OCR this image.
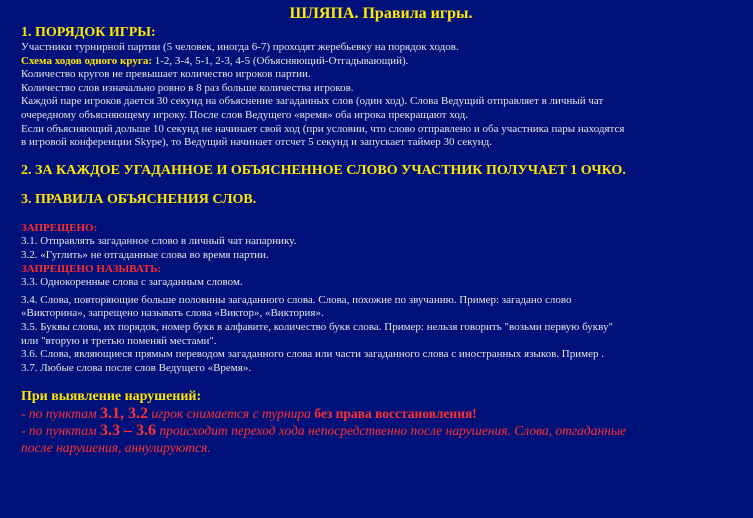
ШЛЯПА. Правила игры.

1. ПОРЯДОК ИГРЫ:

Участники турнирной партии (5 человек, иногда 6-7) проходят жеребьевку на порядок ходов.

Схема ходов одного круга: 1-2, 3-4, 5-1, 2-3, 4-5 (Объясняющий-Отгадывающий).

Количество кругов не превышает количество игроков партии.

Количество слов изначально ровно в 8 раз больше количества игроков.

Каждой паре игроков дается 30 секунд на объяснение загаданных слов (один ход). Слова Ведущий отправляет в личный чат

очередному объясняющему игроку. После слов Ведущего «время» оба игрока прекращают ход.

Если объясняющий дольше 10 секунд не начинает свой ход (при условии, что слово отправлено и оба участника пары находятся

в игровой конференции Skype), то Ведущий начинает отсчет 5 секунд и запускает таймер 30 секунд.

2. ЗА КАЖДОЕ УГАДАННОЕ И ОБЪЯСНЕННОЕ СЛОВО УЧАСТНИК ПОЛУЧАЕТ 1 ОЧКО.

3. ПРАВИЛА ОБЪЯСНЕНИЯ СЛОВ.

ЗАПРЕЩЕНО:

3.1. Отправлять загаданное слово в личный чат напарнику.

3.2. «Гуглить» не отгаданные слова во время партии.

ЗАПРЕЩЕНО НАЗЫВАТЬ:

3.3. Однокоренные слова с загаданным словом.

3.4. Слова, повторяющие больше половины загаданного слова. Слова, похожие по звучанию. Пример: загадано слово

«Викторина», запрещено называть слова «Виктор», «Виктория».

3.5. Буквы слова, их порядок, номер букв в алфавите, количество букв слова. Пример: нельзя говорить "возьми первую букву"

или "вторую и третью поменяй местами".

3.6. Слова, являющиеся прямым переводом загаданного слова или части загаданного слова с иностранных языков. Пример .

3.7. Любые слова после слов Ведущего «Время».

При выявление нарушений:

- по пунктам 3.1, 3.2 игрок снимается с турнира без права восстановления!

- по пунктам 3.3 – 3.6 происходит переход хода непосредственно после нарушения. Слова, отгаданные

после нарушения, аннулируются.
